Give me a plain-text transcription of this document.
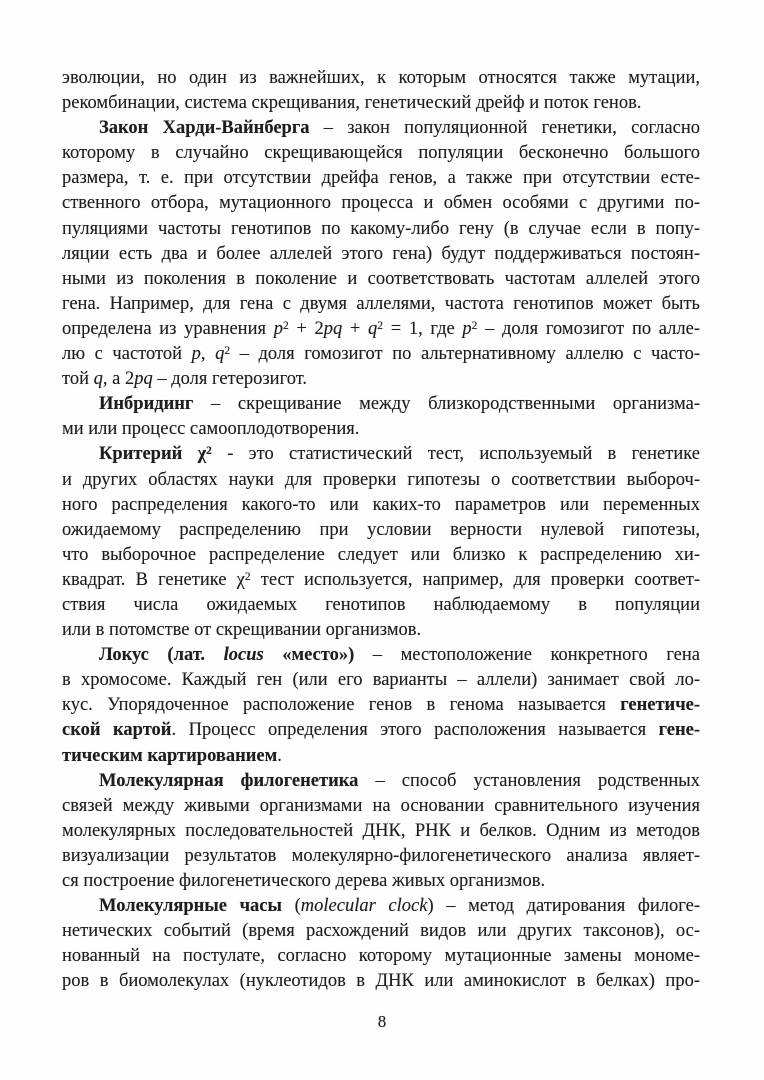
эволюции, но один из важнейших, к которым относятся также мутации,
рекомбинации, система скрещивания, генетический дрейф и поток генов.
Закон Харди-Вайнберга – закон популяционной генетики, согласно
которому в случайно скрещивающейся популяции бесконечно большого
размера, т. е. при отсутствии дрейфа генов, а также при отсутствии есте-
ственного отбора, мутационного процесса и обмен особями с другими по-
пуляциями частоты генотипов по какому-либо гену (в случае если в попу-
ляции есть два и более аллелей этого гена) будут поддерживаться постоян-
ными из поколения в поколение и соответствовать частотам аллелей этого
гена. Например, для гена с двумя аллелями, частота генотипов может быть
определена из уравнения $p^2 + 2pq + q^2 = 1$, где $p^2$ – доля гомозигот по алле-
лю с частотой p, $q^2$ – доля гомозигот по альтернативному аллелю с часто-
той q, а 2pq – доля гетерозигот.
Инбридинг – скрещивание между близкородственными организма-
ми или процесс самооплодотворения.
Критерий $\chi^2$ - это статистический тест, используемый в генетике
и других областях науки для проверки гипотезы о соответствии выбороч-
ного распределения какого-то или каких-то параметров или переменных
ожидаемому распределению при условии верности нулевой гипотезы,
что выборочное распределение следует или близко к распределению хи-
квадрат. В генетике $\chi^2$ тест используется, например, для проверки соответ-
ствия числа ожидаемых генотипов наблюдаемому в популяции
или в потомстве от скрещивании организмов.
Локус (лат. locus «место») – местоположение конкретного гена
в хромосоме. Каждый ген (или его варианты – аллели) занимает свой ло-
кус. Упорядоченное расположение генов в генома называется генетиче-
ской картой. Процесс определения этого расположения называется гене-
тическим картированием.
Молекулярная филогенетика – способ установления родственных
связей между живыми организмами на основании сравнительного изучения
молекулярных последовательностей ДНК, РНК и белков. Одним из методов
визуализации результатов молекулярно-филогенетического анализа являет-
ся построение филогенетического дерева живых организмов.
Молекулярные часы (molecular clock) – метод датирования филоге-
нетических событий (время расхождений видов или других таксонов), ос-
нованный на постулате, согласно которому мутационные замены мономе-
ров в биомолекулах (нуклеотидов в ДНК или аминокислот в белках) про-
8
